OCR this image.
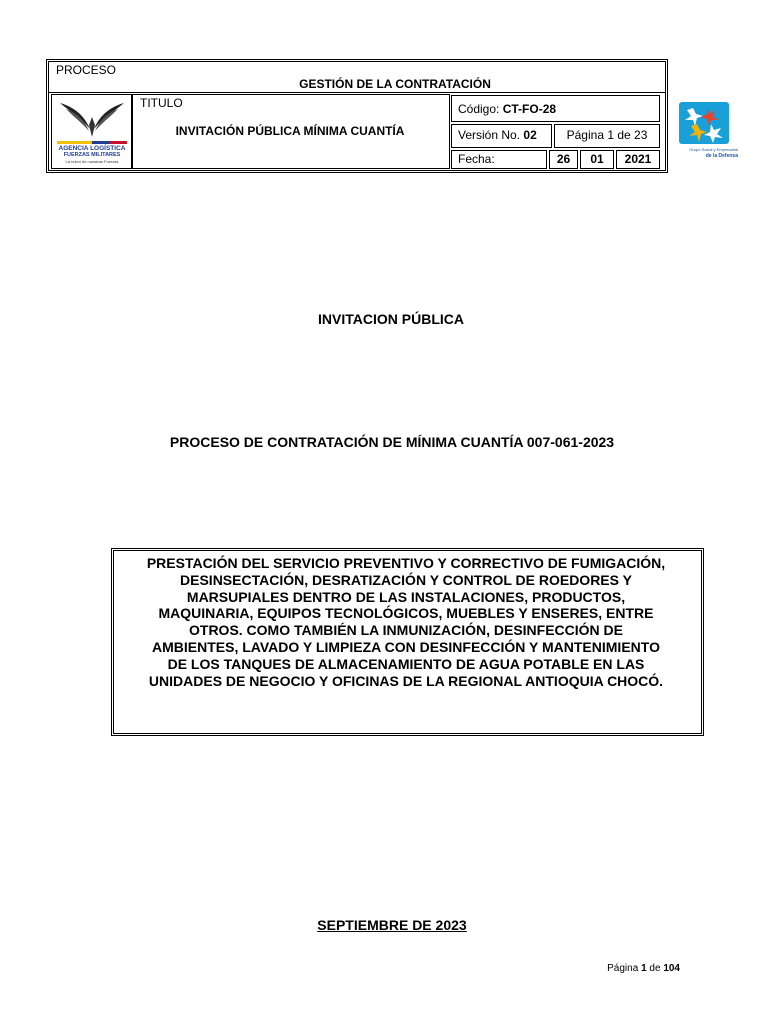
PROCESO
GESTIÓN DE LA CONTRATACIÓN
AGENCIA LOGÍSTICA
FUERZAS MILITARES
La unión de nuestras Fuerzas
TITULO
INVITACIÓN PÚBLICA MÍNIMA CUANTÍA
Código: CT-FO-28
Versión No. 02	Página 1 de 23
Fecha:	26	01	2021
Grupo Social y Empresarial
de la Defensa
INVITACION PÚBLICA
PROCESO DE CONTRATACIÓN DE MÍNIMA CUANTÍA 007-061-2023
PRESTACIÓN DEL SERVICIO PREVENTIVO Y CORRECTIVO DE FUMIGACIÓN,
DESINSECTACIÓN, DESRATIZACIÓN Y CONTROL DE ROEDORES Y
MARSUPIALES DENTRO DE LAS INSTALACIONES, PRODUCTOS,
MAQUINARIA, EQUIPOS TECNOLÓGICOS, MUEBLES Y ENSERES, ENTRE
OTROS. COMO TAMBIÉN LA INMUNIZACIÓN, DESINFECCIÓN DE
AMBIENTES, LAVADO Y LIMPIEZA CON DESINFECCIÓN Y MANTENIMIENTO
DE LOS TANQUES DE ALMACENAMIENTO DE AGUA POTABLE EN LAS
UNIDADES DE NEGOCIO Y OFICINAS DE LA REGIONAL ANTIOQUIA CHOCÓ.
SEPTIEMBRE DE 2023
Página 1 de 104
